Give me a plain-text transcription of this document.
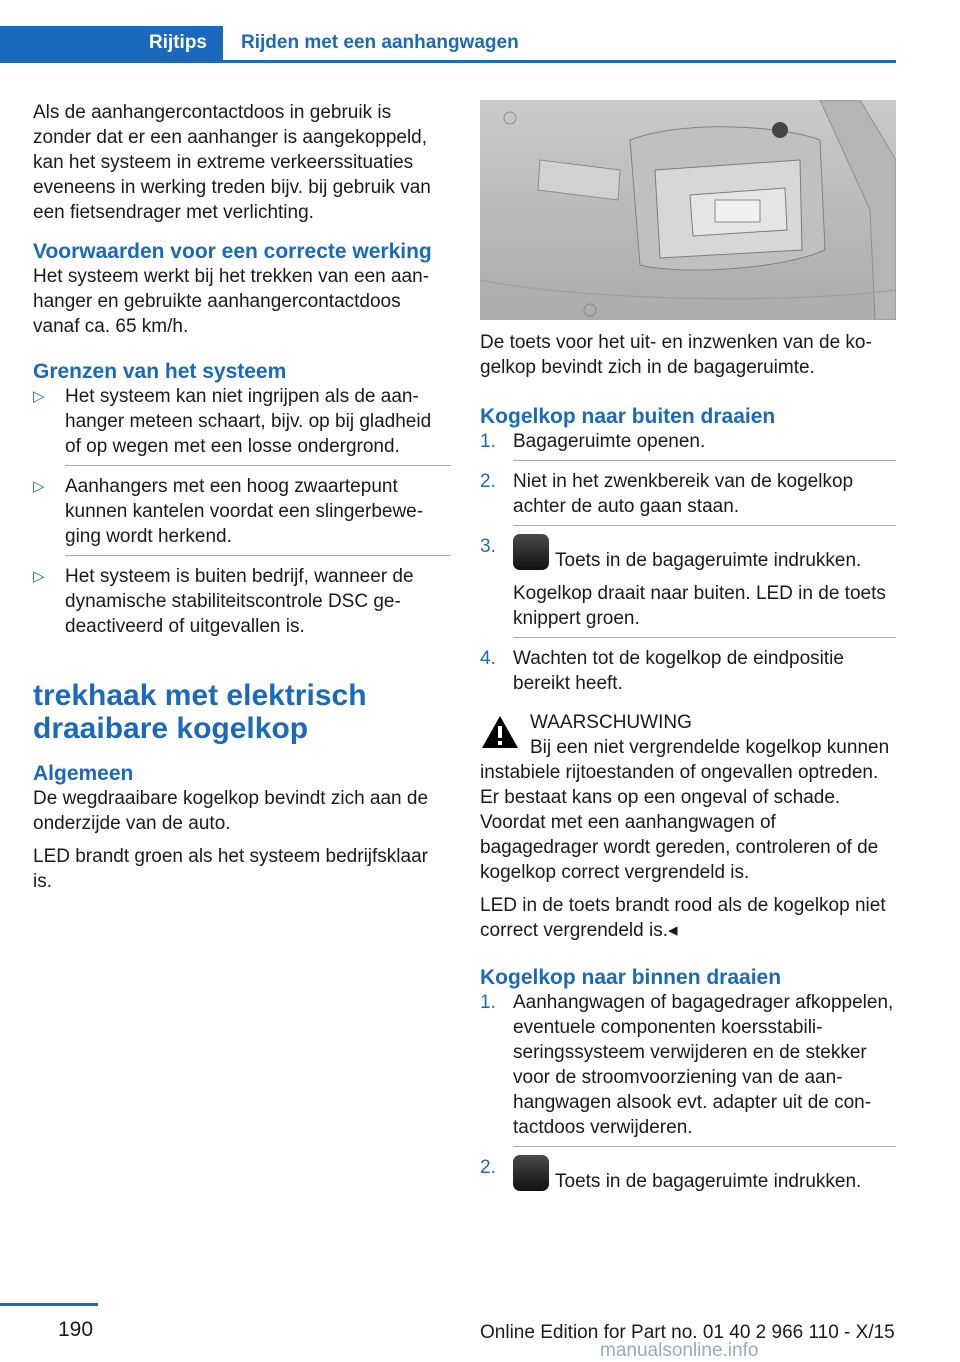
Rijtips	Rijden met een aanhangwagen

Als de aanhangercontactdoos in gebruik is zonder dat er een aanhanger is aangekoppeld, kan het systeem in extreme verkeerssituaties eveneens in werking treden bijv. bij gebruik van een fietsendrager met verlichting.

Voorwaarden voor een correcte werking

Het systeem werkt bij het trekken van een aanhanger en gebruikte aanhangercontactdoos vanaf ca. 65 km/h.

Grenzen van het systeem
▷ Het systeem kan niet ingrijpen als de aanhanger meteen schaart, bijv. op bij gladheid of op wegen met een losse ondergrond.
▷ Aanhangers met een hoog zwaartepunt kunnen kantelen voordat een slingerbeweging wordt herkend.
▷ Het systeem is buiten bedrijf, wanneer de dynamische stabiliteitscontrole DSC gedeactiveerd of uitgevallen is.
trekhaak met elektrisch draaibare kogelkop
Algemeen

De wegdraaibare kogelkop bevindt zich aan de onderzijde van de auto.

LED brandt groen als het systeem bedrijfsklaar is.

De toets voor het uit- en inzwenken van de kogelkop bevindt zich in de bagageruimte.

Kogelkop naar buiten draaien
1. Bagageruimte openen.
2. Niet in het zwenkbereik van de kogelkop achter de auto gaan staan.
3.
Toets in de bagageruimte indrukken.

Kogelkop draait naar buiten. LED in de toets knippert groen.

4. Wachten tot de kogelkop de eindpositie bereikt heeft.

WAARSCHUWING

Bij een niet vergrendelde kogelkop kunnen instabiele rijtoestanden of ongevallen optreden. Er bestaat kans op een ongeval of schade. Voordat met een aanhangwagen of bagagedrager wordt gereden, controleren of de kogelkop correct vergrendeld is.

LED in de toets brandt rood als de kogelkop niet correct vergrendeld is.◂

Kogelkop naar binnen draaien
1. Aanhangwagen of bagagedrager afkoppelen, eventuele componenten koersstabiliseringssysteem verwijderen en de stekker voor de stroomvoorziening van de aanhangwagen alsook evt. adapter uit de contactdoos verwijderen.
2.
Toets in de bagageruimte indrukken.
190	Online Edition for Part no. 01 40 2 966 110 - X/15
manualsonline.info
